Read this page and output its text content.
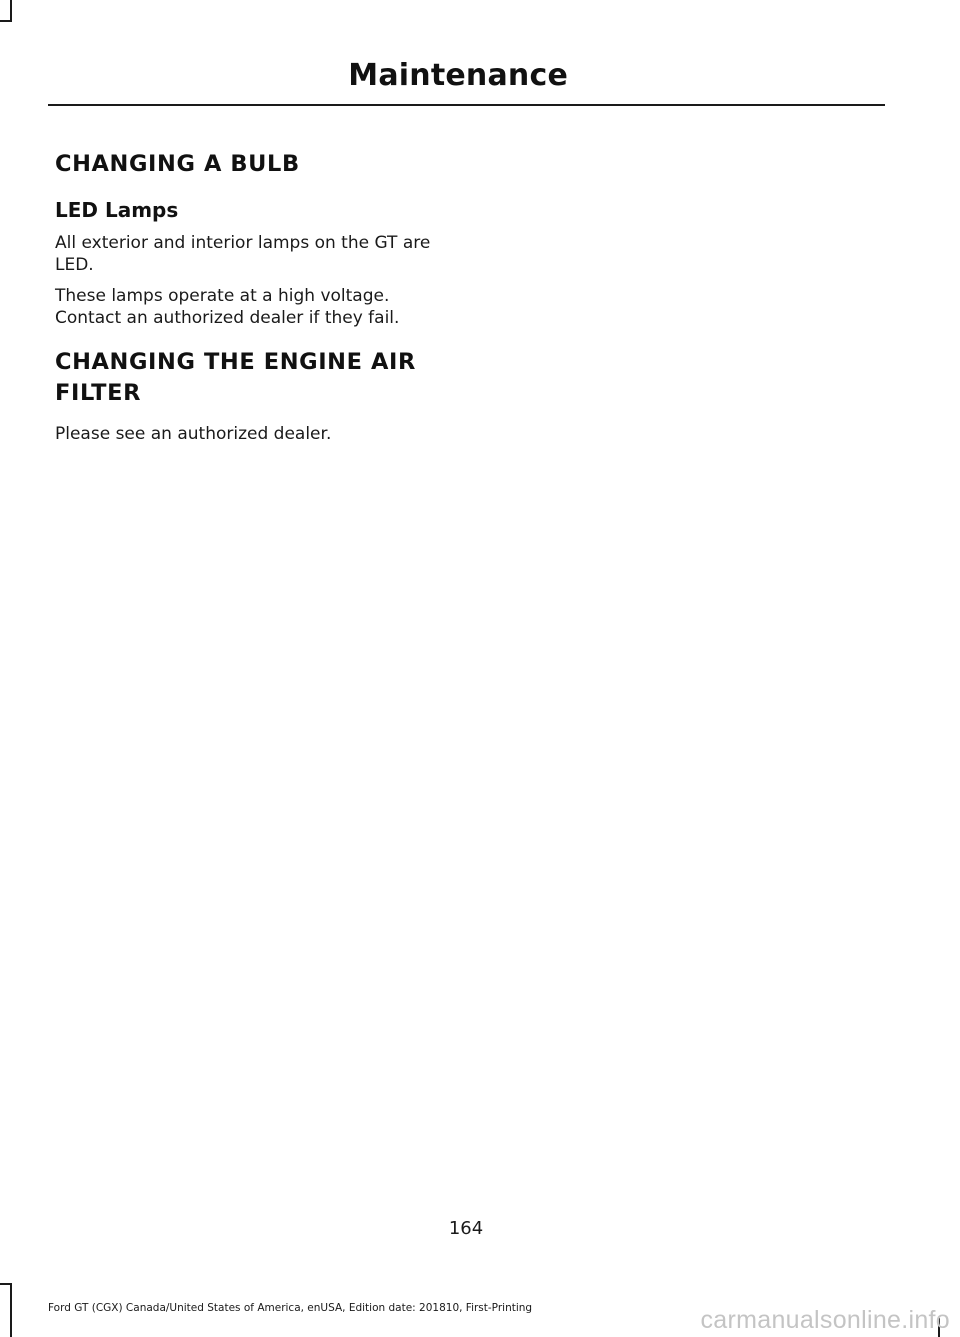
Maintenance
CHANGING A BULB
LED Lamps

All exterior and interior lamps on the GT are LED.

These lamps operate at a high voltage. Contact an authorized dealer if they fail.

CHANGING THE ENGINE AIR FILTER

Please see an authorized dealer.

164
Ford GT (CGX) Canada/United States of America, enUSA, Edition date: 201810, First-Printing	carmanualsonline.info
